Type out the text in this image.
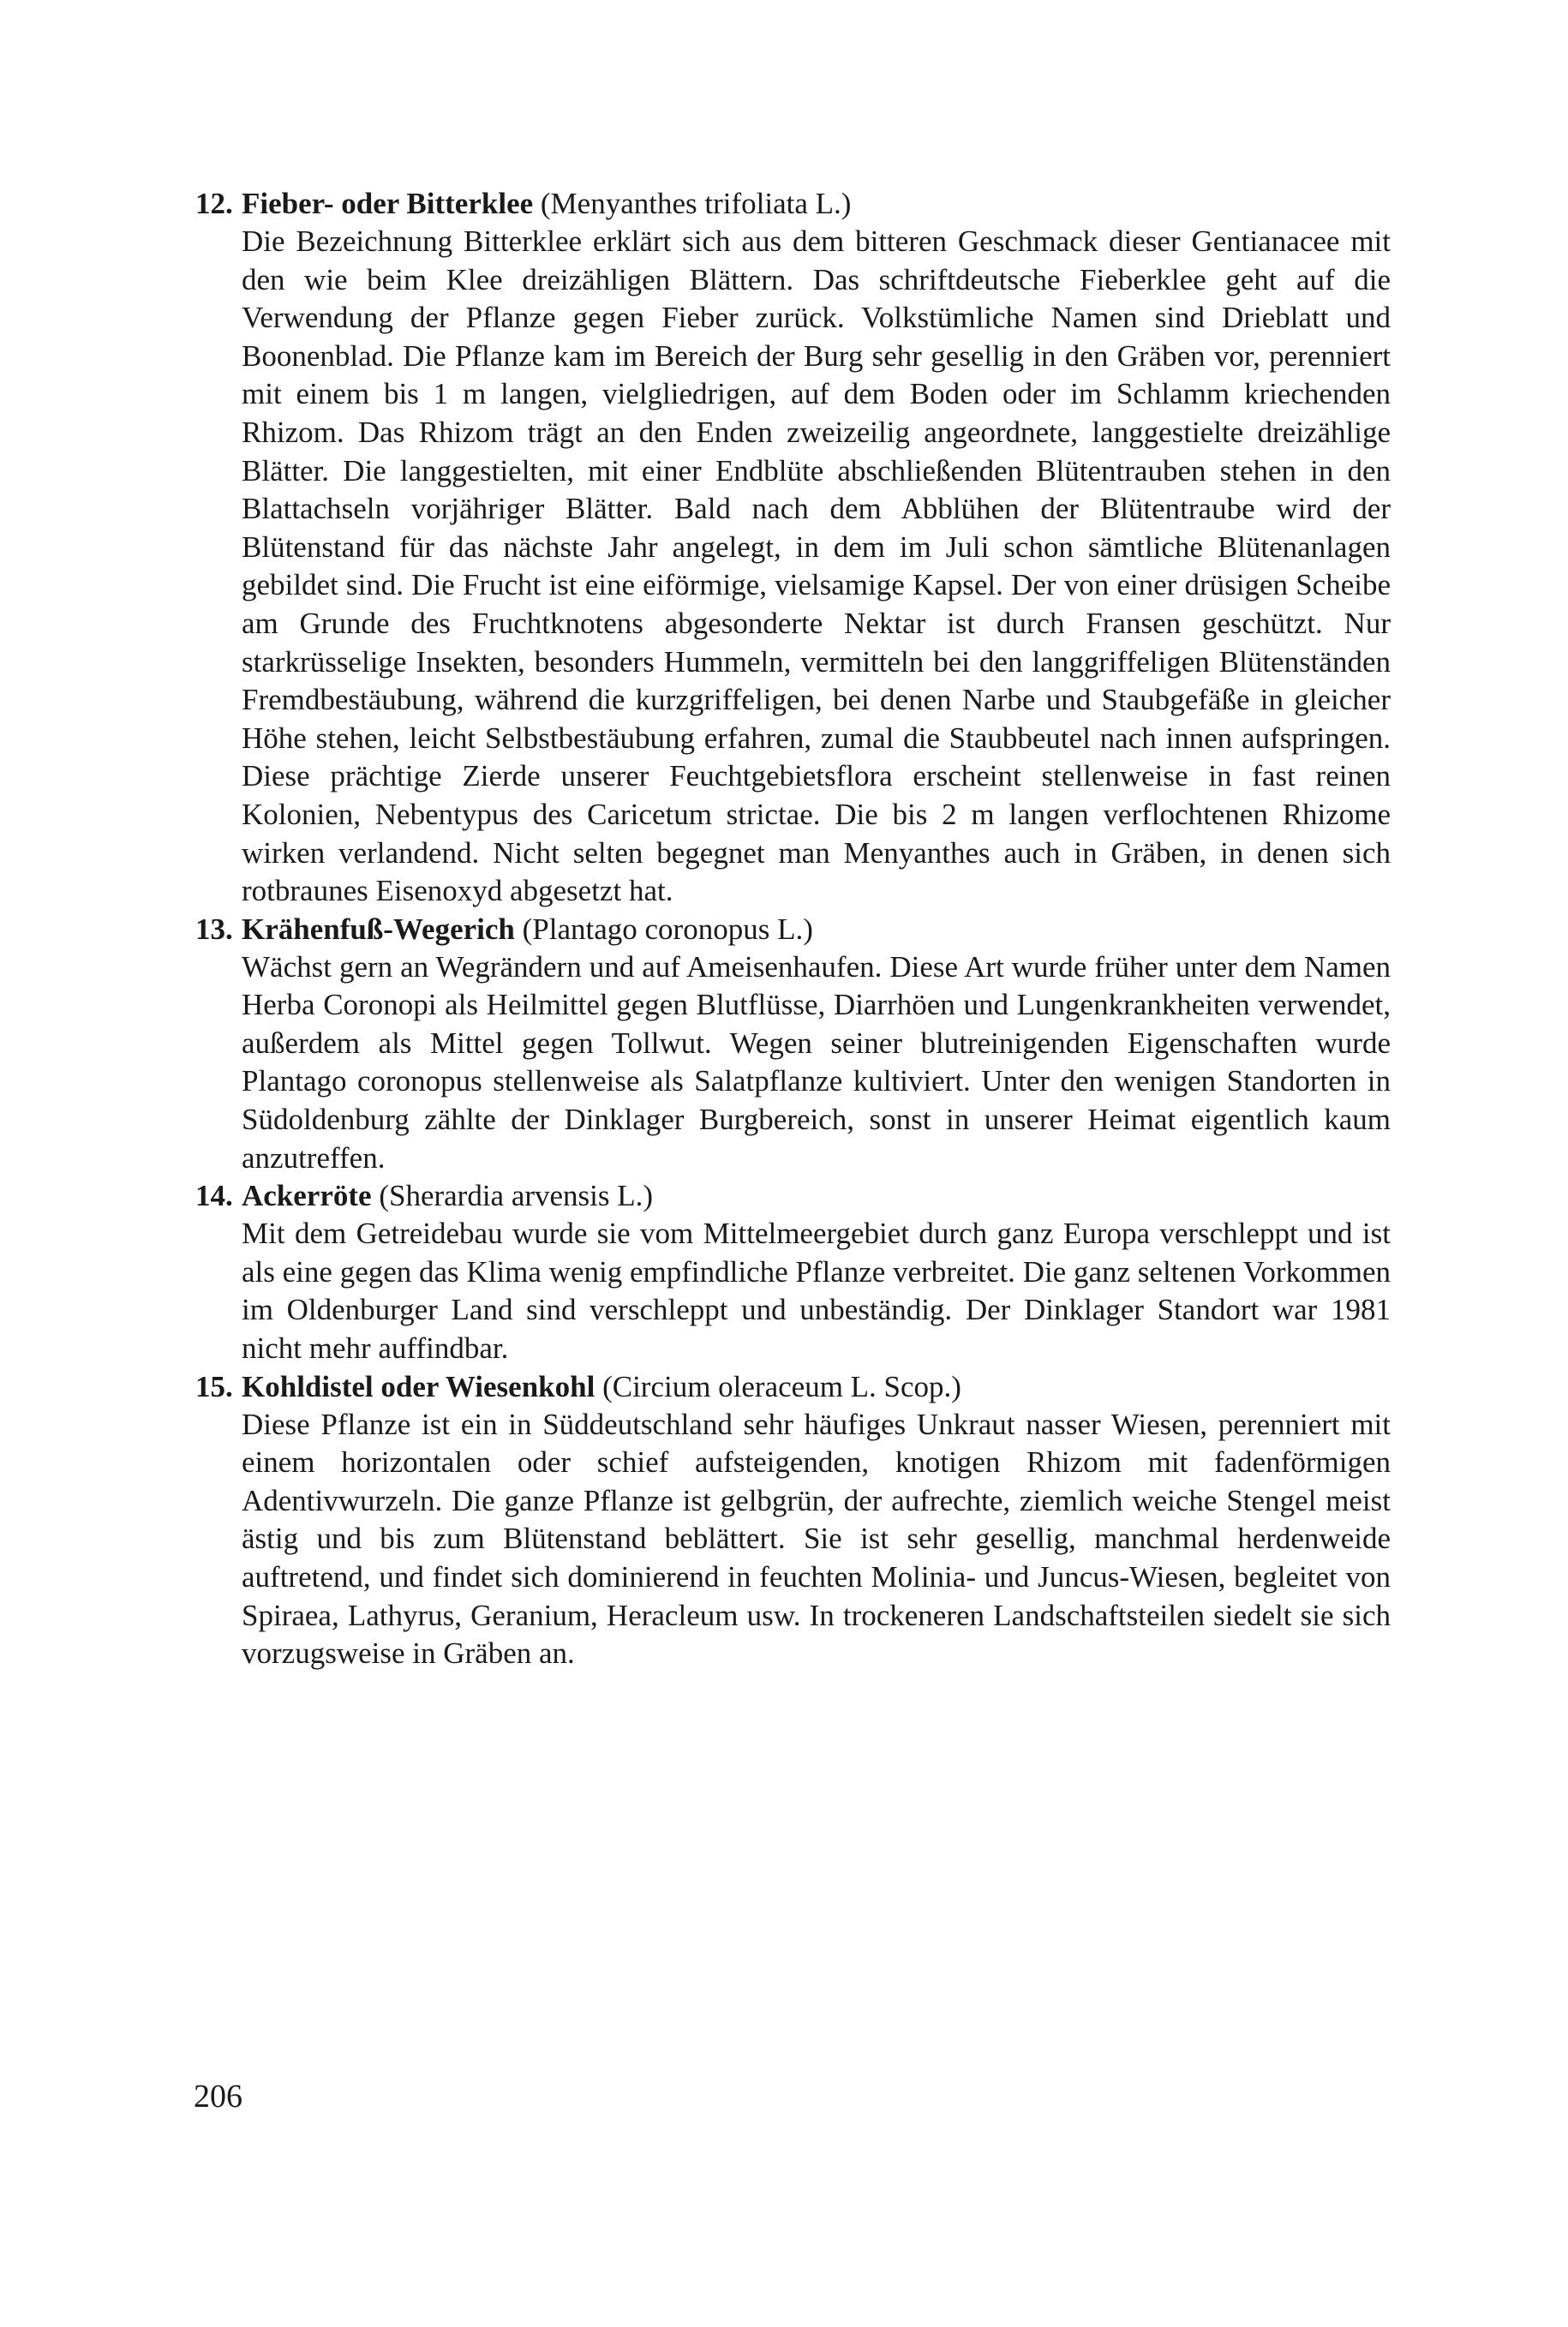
12. Fieber- oder Bitterklee (Menyanthes trifoliata L.)
Die Bezeichnung Bitterklee erklärt sich aus dem bitteren Geschmack dieser Gentianacee mit den wie beim Klee dreizähligen Blättern. Das schriftdeutsche Fieberklee geht auf die Verwendung der Pflanze gegen Fieber zurück. Volkstümliche Namen sind Drieblatt und Boonenblad. Die Pflanze kam im Bereich der Burg sehr gesellig in den Gräben vor, perenniert mit einem bis 1 m langen, vielgliedrigen, auf dem Boden oder im Schlamm kriechenden Rhizom. Das Rhizom trägt an den Enden zweizeilig angeordnete, langgestielte dreizählige Blätter. Die langgestielten, mit einer Endblüte abschließenden Blütentrauben stehen in den Blattachseln vorjähriger Blätter. Bald nach dem Abblühen der Blütentraube wird der Blütenstand für das nächste Jahr angelegt, in dem im Juli schon sämtliche Blütenanlagen gebildet sind. Die Frucht ist eine eiförmige, vielsamige Kapsel. Der von einer drüsigen Scheibe am Grunde des Fruchtknotens abgesonderte Nektar ist durch Fransen geschützt. Nur starkrüsselige Insekten, besonders Hummeln, vermitteln bei den langgriffeligen Blütenständen Fremdbestäubung, während die kurzgriffeligen, bei denen Narbe und Staubgefäße in gleicher Höhe stehen, leicht Selbstbestäubung erfahren, zumal die Staubbeutel nach innen aufspringen. Diese prächtige Zierde unserer Feuchtgebietsflora erscheint stellenweise in fast reinen Kolonien, Nebentypus des Caricetum strictae. Die bis 2 m langen verflochtenen Rhizome wirken verlandend. Nicht selten begegnet man Menyanthes auch in Gräben, in denen sich rotbraunes Eisenoxyd abgesetzt hat.
13. Krähenfuß-Wegerich (Plantago coronopus L.)
Wächst gern an Wegrändern und auf Ameisenhaufen. Diese Art wurde früher unter dem Namen Herba Coronopi als Heilmittel gegen Blutflüsse, Diarrhöen und Lungenkrankheiten verwendet, außerdem als Mittel gegen Tollwut. Wegen seiner blutreinigenden Eigenschaften wurde Plantago coronopus stellenweise als Salatpflanze kultiviert. Unter den wenigen Standorten in Südoldenburg zählte der Dinklager Burgbereich, sonst in unserer Heimat eigentlich kaum anzutreffen.
14. Ackerröte (Sherardia arvensis L.)
Mit dem Getreidebau wurde sie vom Mittelmeergebiet durch ganz Europa verschleppt und ist als eine gegen das Klima wenig empfindliche Pflanze verbreitet. Die ganz seltenen Vorkommen im Oldenburger Land sind verschleppt und unbeständig. Der Dinklager Standort war 1981 nicht mehr auffindbar.
15. Kohldistel oder Wiesenkohl (Circium oleraceum L. Scop.)
Diese Pflanze ist ein in Süddeutschland sehr häufiges Unkraut nasser Wiesen, perenniert mit einem horizontalen oder schief aufsteigenden, knotigen Rhizom mit fadenförmigen Adentivwurzeln. Die ganze Pflanze ist gelbgrün, der aufrechte, ziemlich weiche Stengel meist ästig und bis zum Blütenstand beblättert. Sie ist sehr gesellig, manchmal herdenweide auftretend, und findet sich dominierend in feuchten Molinia- und Juncus-Wiesen, begleitet von Spiraea, Lathyrus, Geranium, Heracleum usw. In trockeneren Landschaftsteilen siedelt sie sich vorzugsweise in Gräben an.
206
